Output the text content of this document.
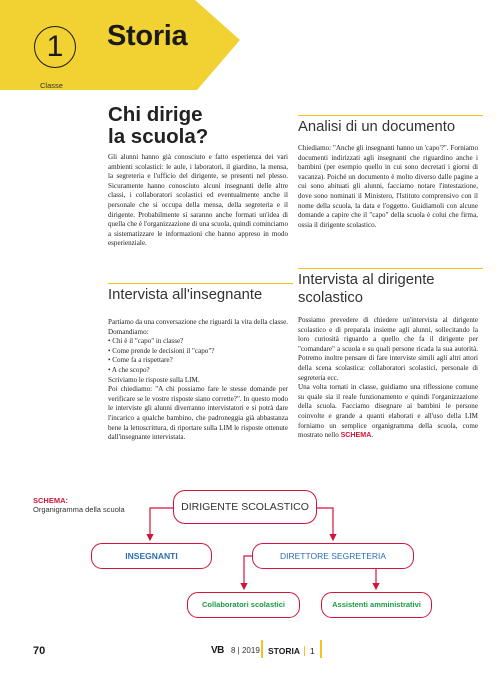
1
Classe
Storia
Chi dirige
la scuola?
Gli alunni hanno già conosciuto e fatto esperienza dei vari ambienti scolastici: le aule, i laboratori, il giardino, la mensa, la segreteria e l'ufficio del dirigente, se presenti nel plesso. Sicuramente hanno conosciuto alcuni insegnanti delle altre classi, i collaboratori scolastici ed eventualmente anche il personale che si occupa della mensa, della segreteria e il dirigente. Probabilmente si saranno anche formati un'idea di quella che è l'organizzazione di una scuola, quindi cominciamo a sistematizzare le informazioni che hanno appreso in modo esperienziale.
Intervista all'insegnante
Partiamo da una conversazione che riguardi la vita della classe. Domandiamo:
• Chi è il "capo" in classe?
• Come prende le decisioni il "capo"?
• Come fa a rispettare?
• A che scopo?
Scriviamo le risposte sulla LIM.
Poi chiediamo: "A chi possiamo fare le stesse domande per verificare se le vostre risposte siano corrette?". In questo modo le interviste gli alunni diverranno intervistatori e si potrà dare l'incarico a qualche bambino, che padroneggia già abbastanza bene la lettoscrittura, di riportare sulla LIM le risposte ottenute dall'insegnante intervistata.
Analisi di un documento
Chiediamo: "Anche gli insegnanti hanno un 'capo'?". Forniamo documenti indirizzati agli insegnanti che riguardino anche i bambini (per esempio quello in cui sono decretati i giorni di vacanza). Poiché un documento è molto diverso dalle pagine a cui sono abituati gli alunni, facciamo notare l'intestazione, dove sono nominati il Ministero, l'Istituto comprensivo con il nome della scuola, la data e l'oggetto. Guidiamoli con alcune domande a capire che il "capo" della scuola è colui che firma, ossia il dirigente scolastico.
Intervista al dirigente
scolastico
Possiamo prevedere di chiedere un'intervista al dirigente scolastico e di preparala insieme agli alunni, sollecitando la loro curiosità riguardo a quello che fa il dirigente per "comandare" a scuola e su quali persone ricada la sua autorità. Potremo inoltre pensare di fare interviste simili agli altri attori della scena scolastica: collaboratori scolastici, personale di segreteria ecc.
Una volta tornati in classe, guidiamo una riflessione comune su quale sia il reale funzionamento e quindi l'organizzazione della scuola. Facciamo disegnare ai bambini le persone coinvolte e grande a quanti elaborati e all'uso della LIM forniamo un semplice organigramma della scuola, come mostrato nello SCHEMA.
SCHEMA:
Organigramma della scuola	DIRIGENTE SCOLASTICO
INSEGNANTI	DIRETTORE SEGRETERIA
Collaboratori scolastici	Assistenti amministrativi
70	VB 8 | 2019 STORIA 1
